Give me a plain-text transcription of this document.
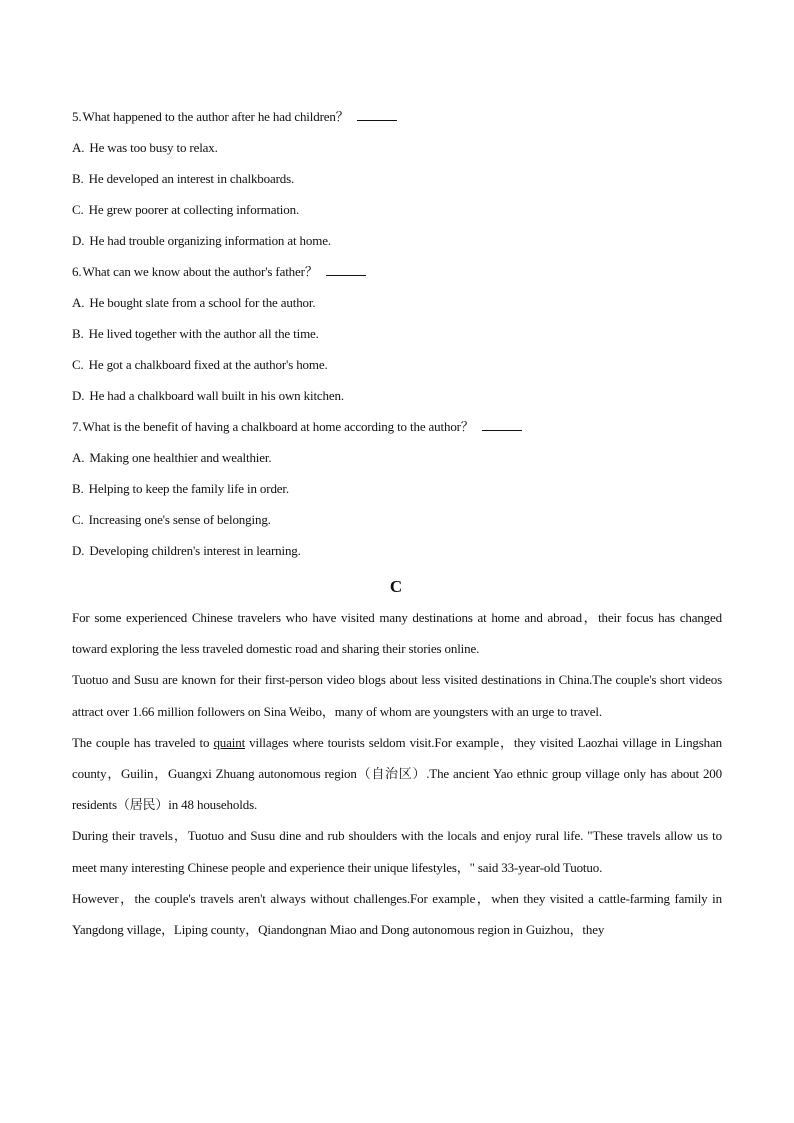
5.What happened to the author after he had children？
A. He was too busy to relax.
B. He developed an interest in chalkboards.
C. He grew poorer at collecting information.
D. He had trouble organizing information at home.
6.What can we know about the author's father？
A. He bought slate from a school for the author.
B. He lived together with the author all the time.
C. He got a chalkboard fixed at the author's home.
D. He had a chalkboard wall built in his own kitchen.
7.What is the benefit of having a chalkboard at home according to the author？
A. Making one healthier and wealthier.
B. Helping to keep the family life in order.
C. Increasing one's sense of belonging.
D. Developing children's interest in learning.
C
For some experienced Chinese travelers who have visited many destinations at home and abroad，their focus has changed toward exploring the less traveled domestic road and sharing their stories online.
Tuotuo and Susu are known for their first-person video blogs about less visited destinations in China.The couple's short videos attract over 1.66 million followers on Sina Weibo，many of whom are youngsters with an urge to travel.
The couple has traveled to quaint villages where tourists seldom visit.For example，they visited Laozhai village in Lingshan county，Guilin，Guangxi Zhuang autonomous region（自治区）.The ancient Yao ethnic group village only has about 200 residents（居民）in 48 households.
During their travels，Tuotuo and Susu dine and rub shoulders with the locals and enjoy rural life. "These travels allow us to meet many interesting Chinese people and experience their unique lifestyles，" said 33-year-old Tuotuo.
However，the couple's travels aren't always without challenges.For example，when they visited a cattle-farming family in Yangdong village，Liping county，Qiandongnan Miao and Dong autonomous region in Guizhou，they
